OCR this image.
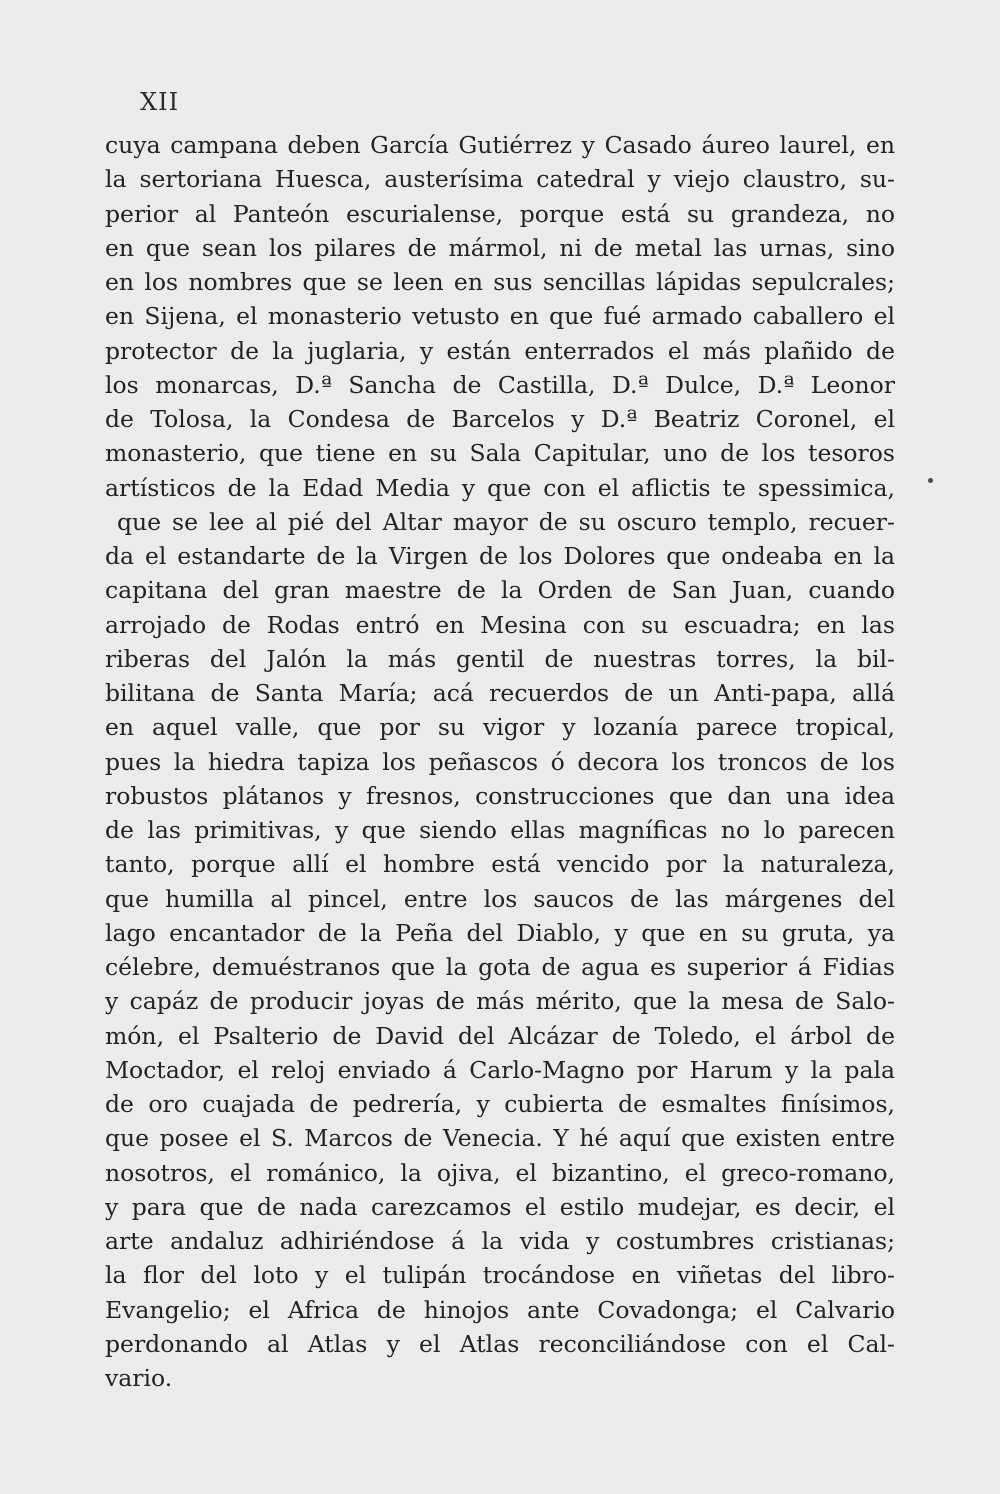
XII
cuya campana deben García Gutiérrez y Casado áureo laurel, en
la sertoriana Huesca, austerísima catedral y viejo claustro, su-
perior al Panteón escurialense, porque está su grandeza, no
en que sean los pilares de mármol, ni de metal las urnas, sino
en los nombres que se leen en sus sencillas lápidas sepulcrales;
en Sijena, el monasterio vetusto en que fué armado caballero el
protector de la juglaria, y están enterrados el más plañido de
los monarcas, D.ª Sancha de Castilla, D.ª Dulce, D.ª Leonor
de Tolosa, la Condesa de Barcelos y D.ª Beatriz Coronel, el
monasterio, que tiene en su Sala Capitular, uno de los tesoros
artísticos de la Edad Media y que con el aflictis te spessimica,
que se lee al pié del Altar mayor de su oscuro templo, recuer-
da el estandarte de la Virgen de los Dolores que ondeaba en la
capitana del gran maestre de la Orden de San Juan, cuando
arrojado de Rodas entró en Mesina con su escuadra; en las
riberas del Jalón la más gentil de nuestras torres, la bil-
bilitana de Santa María; acá recuerdos de un Anti-papa, allá
en aquel valle, que por su vigor y lozanía parece tropical,
pues la hiedra tapiza los peñascos ó decora los troncos de los
robustos plátanos y fresnos, construcciones que dan una idea
de las primitivas, y que siendo ellas magníficas no lo parecen
tanto, porque allí el hombre está vencido por la naturaleza,
que humilla al pincel, entre los saucos de las márgenes del
lago encantador de la Peña del Diablo, y que en su gruta, ya
célebre, demuéstranos que la gota de agua es superior á Fidias
y capáz de producir joyas de más mérito, que la mesa de Salo-
món, el Psalterio de David del Alcázar de Toledo, el árbol de
Moctador, el reloj enviado á Carlo-Magno por Harum y la pala
de oro cuajada de pedrería, y cubierta de esmaltes finísimos,
que posee el S. Marcos de Venecia. Y hé aquí que existen entre
nosotros, el románico, la ojiva, el bizantino, el greco-romano,
y para que de nada carezcamos el estilo mudejar, es decir, el
arte andaluz adhiriéndose á la vida y costumbres cristianas;
la flor del loto y el tulipán trocándose en viñetas del libro-
Evangelio; el Africa de hinojos ante Covadonga; el Calvario
perdonando al Atlas y el Atlas reconciliándose con el Cal-
vario.
